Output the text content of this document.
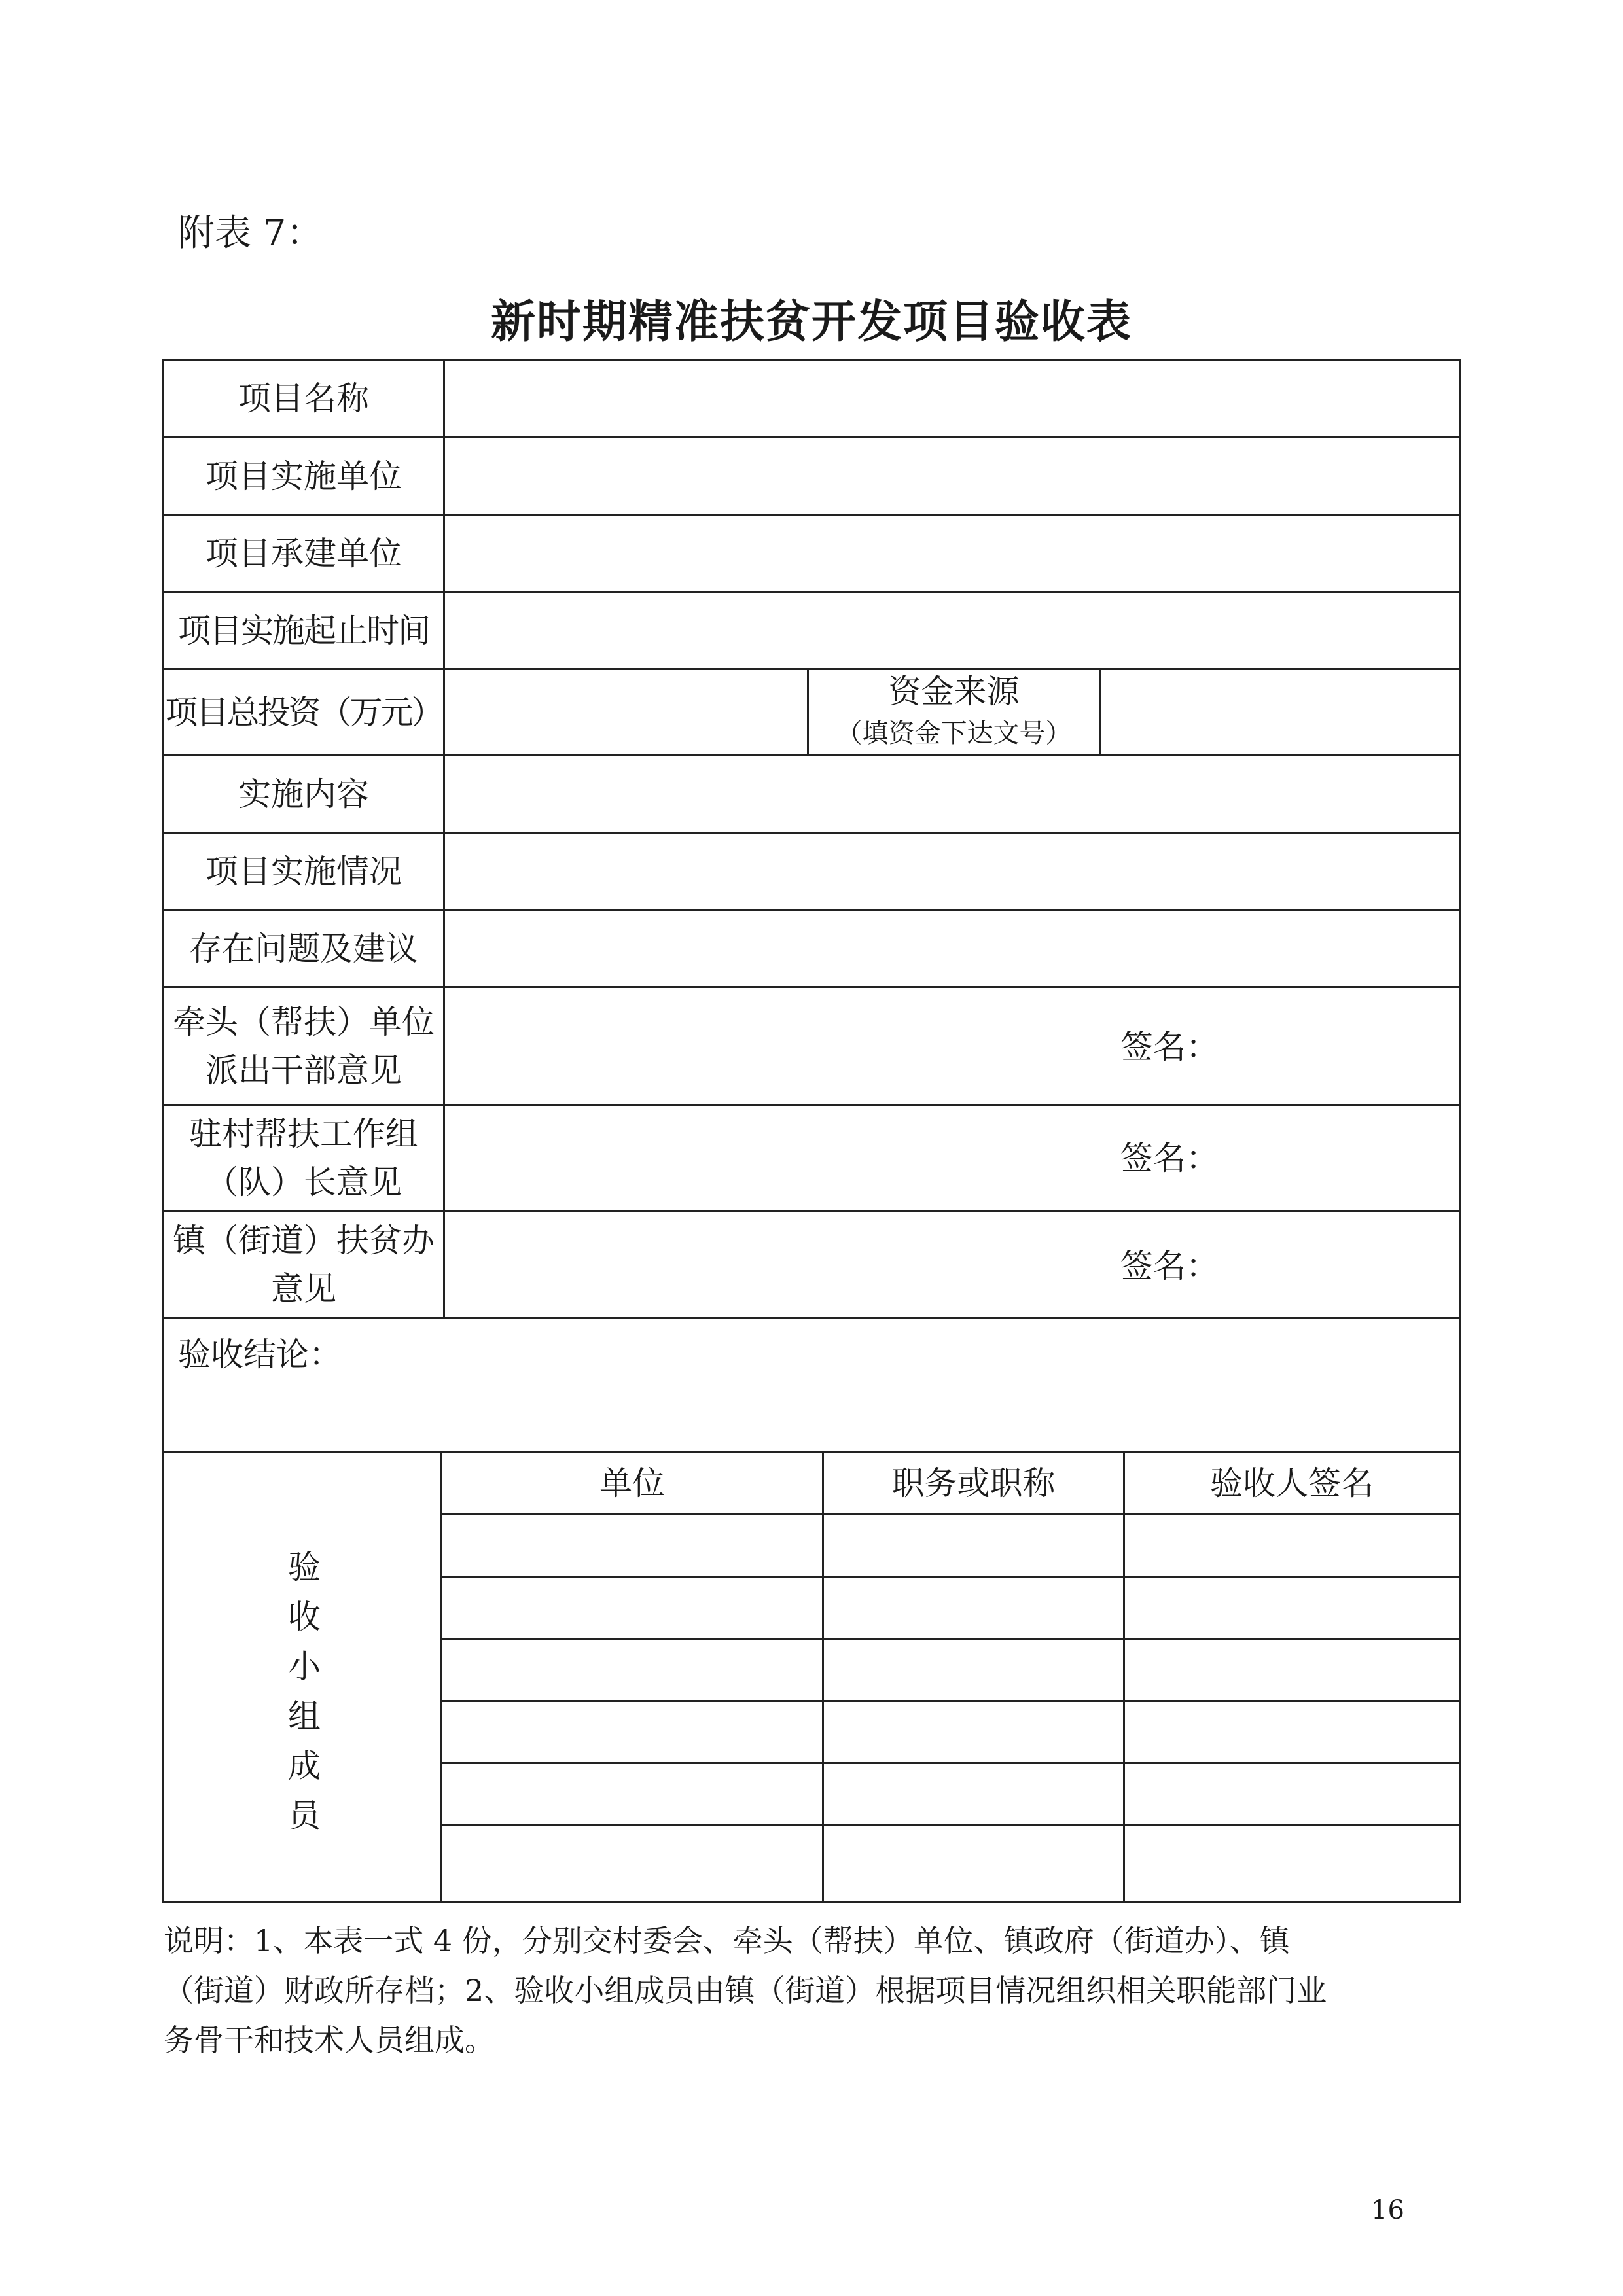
附表 7：
新时期精准扶贫开发项目验收表
项目名称
项目实施单位
项目承建单位
项目实施起止时间
项目总投资（万元）
资金来源
（填资金下达文号）
实施内容
项目实施情况
存在问题及建议
牵头（帮扶）单位
派出干部意见
签名：
驻村帮扶工作组
（队）长意见
签名：
镇（街道）扶贫办
意见
签名：
验收结论：
验
收
小
组
成
员
单位	职务或职称	验收人签名
说明：1、本表一式 4 份，分别交村委会、牵头（帮扶）单位、镇政府（街道办）、镇
（街道）财政所存档；2、验收小组成员由镇（街道）根据项目情况组织相关职能部门业
务骨干和技术人员组成。
16
